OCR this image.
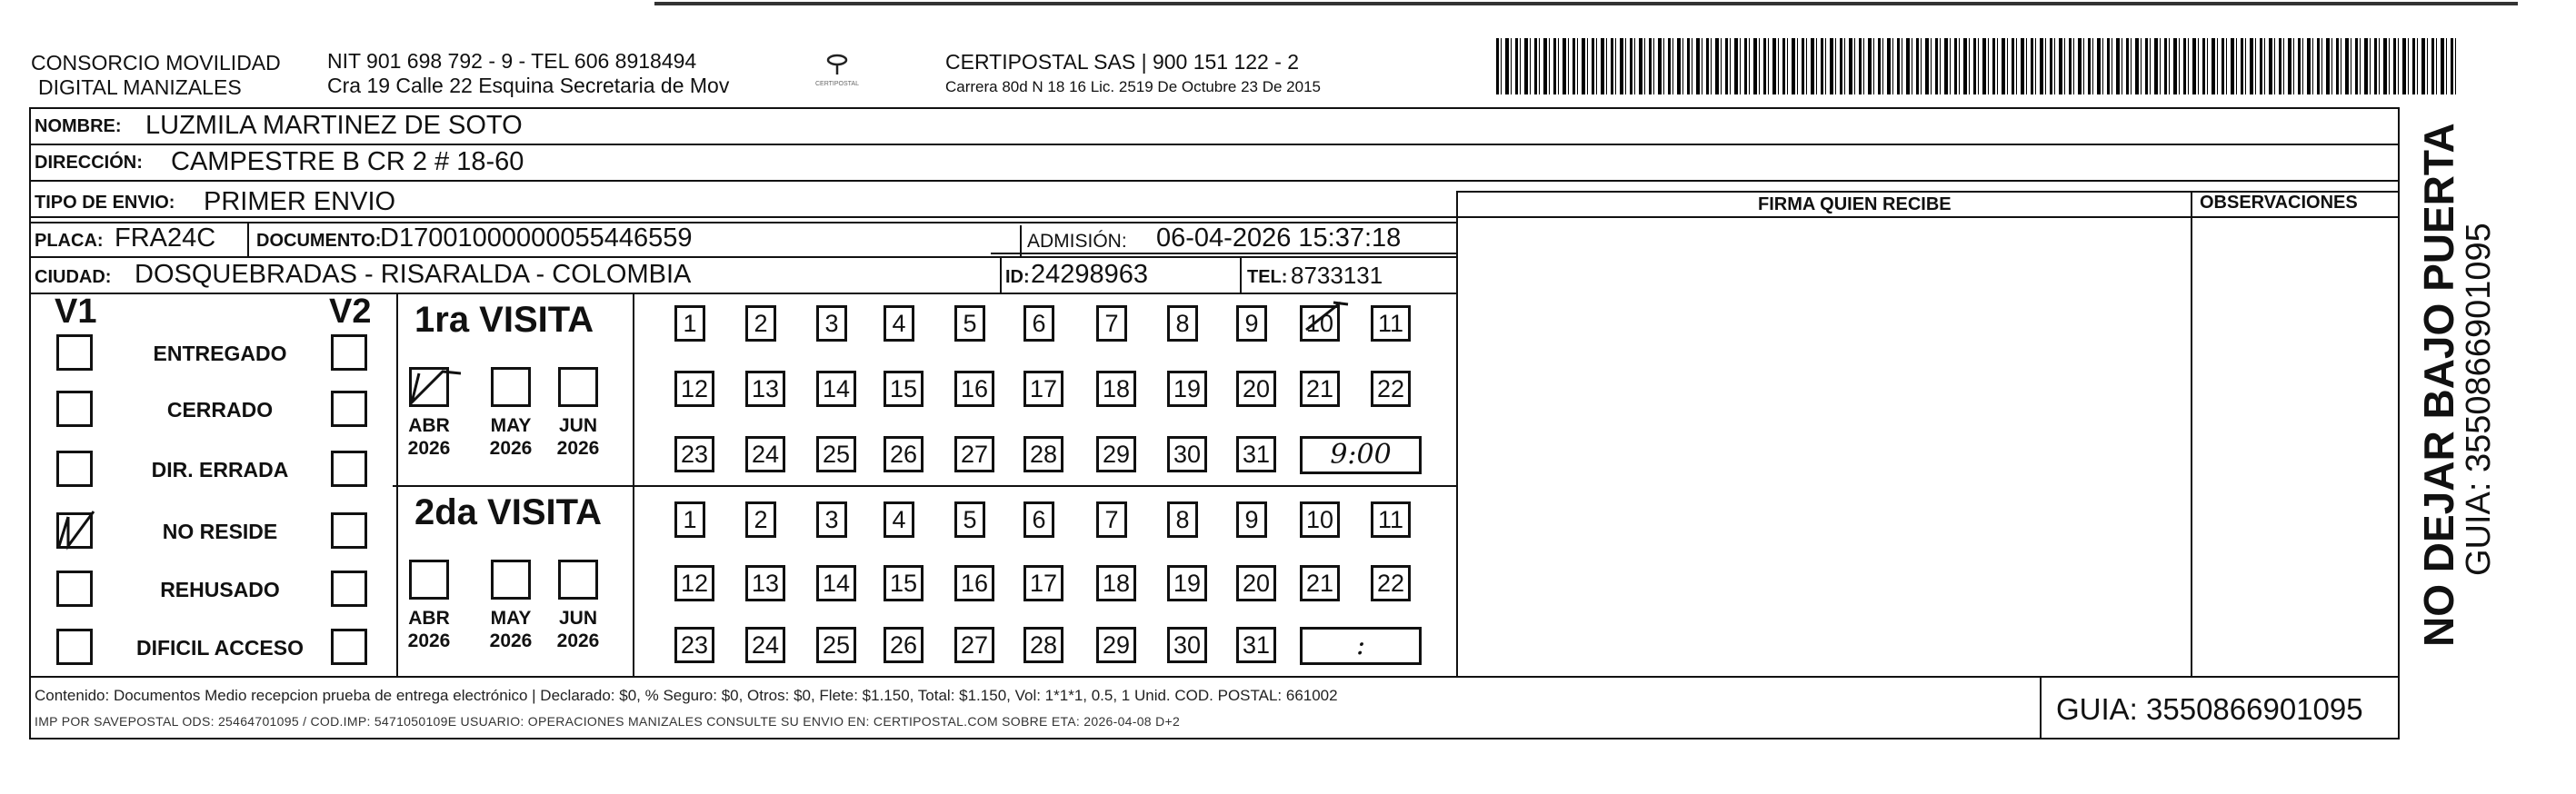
CONSORCIO MOVILIDAD
DIGITAL MANIZALES
NIT 901 698 792 - 9 - TEL 606 8918494
Cra 19 Calle 22 Esquina Secretaria de Mov	CERTIPOSTAL
CERTIPOSTAL SAS | 900 151 122 - 2
Carrera 80d N 18 16 Lic. 2519 De Octubre 23 De 2015
NOMBRE: LUZMILA MARTINEZ DE SOTO
DIRECCIÓN: CAMPESTRE B CR 2 # 18-60
TIPO DE ENVIO: PRIMER ENVIO	FIRMA QUIEN RECIBE	OBSERVACIONES
PLACA: FRA24C DOCUMENTO:
D17001000000055446559	ADMISIÓN: 06-04-2026 15:37:18
CIUDAD: DOSQUEBRADAS - RISARALDA - COLOMBIA	ID: 24298963	TEL: 8733131
V1	V2
ENTREGADO
CERRADO
DIR. ERRADA
NO RESIDE
REHUSADO
DIFICIL ACCESO
1ra VISITA
ABR
2026
MAY
2026
JUN
2026
1	2	3	4	5	6	7	8	9	10 11
12 13 14 15 16 17 18 19 20 21 22
23 24 25 26 27 28 29 30 31	9:00
2da VISITA
ABR
2026
MAY
2026
JUN
2026
1	2	3	4	5	6	7	8	9	10 11
12 13 14 15 16 17 18 19 20 21 22
23 24 25 26 27 28 29 30 31	:
Contenido: Documentos Medio recepcion prueba de entrega electrónico | Declarado: $0, % Seguro: $0, Otros: $0, Flete: $1.150, Total: $1.150, Vol: 1*1*1, 0.5, 1 Unid. COD. POSTAL: 661002
IMP POR SAVEPOSTAL ODS: 25464701095 / COD.IMP: 5471050109E USUARIO: OPERACIONES MANIZALES CONSULTE SU ENVIO EN: CERTIPOSTAL.COM SOBRE ETA: 2026-04-08 D+2	GUIA: 3550866901095
NO DEJAR BAJO PUERTA
GUIA: 3550866901095
